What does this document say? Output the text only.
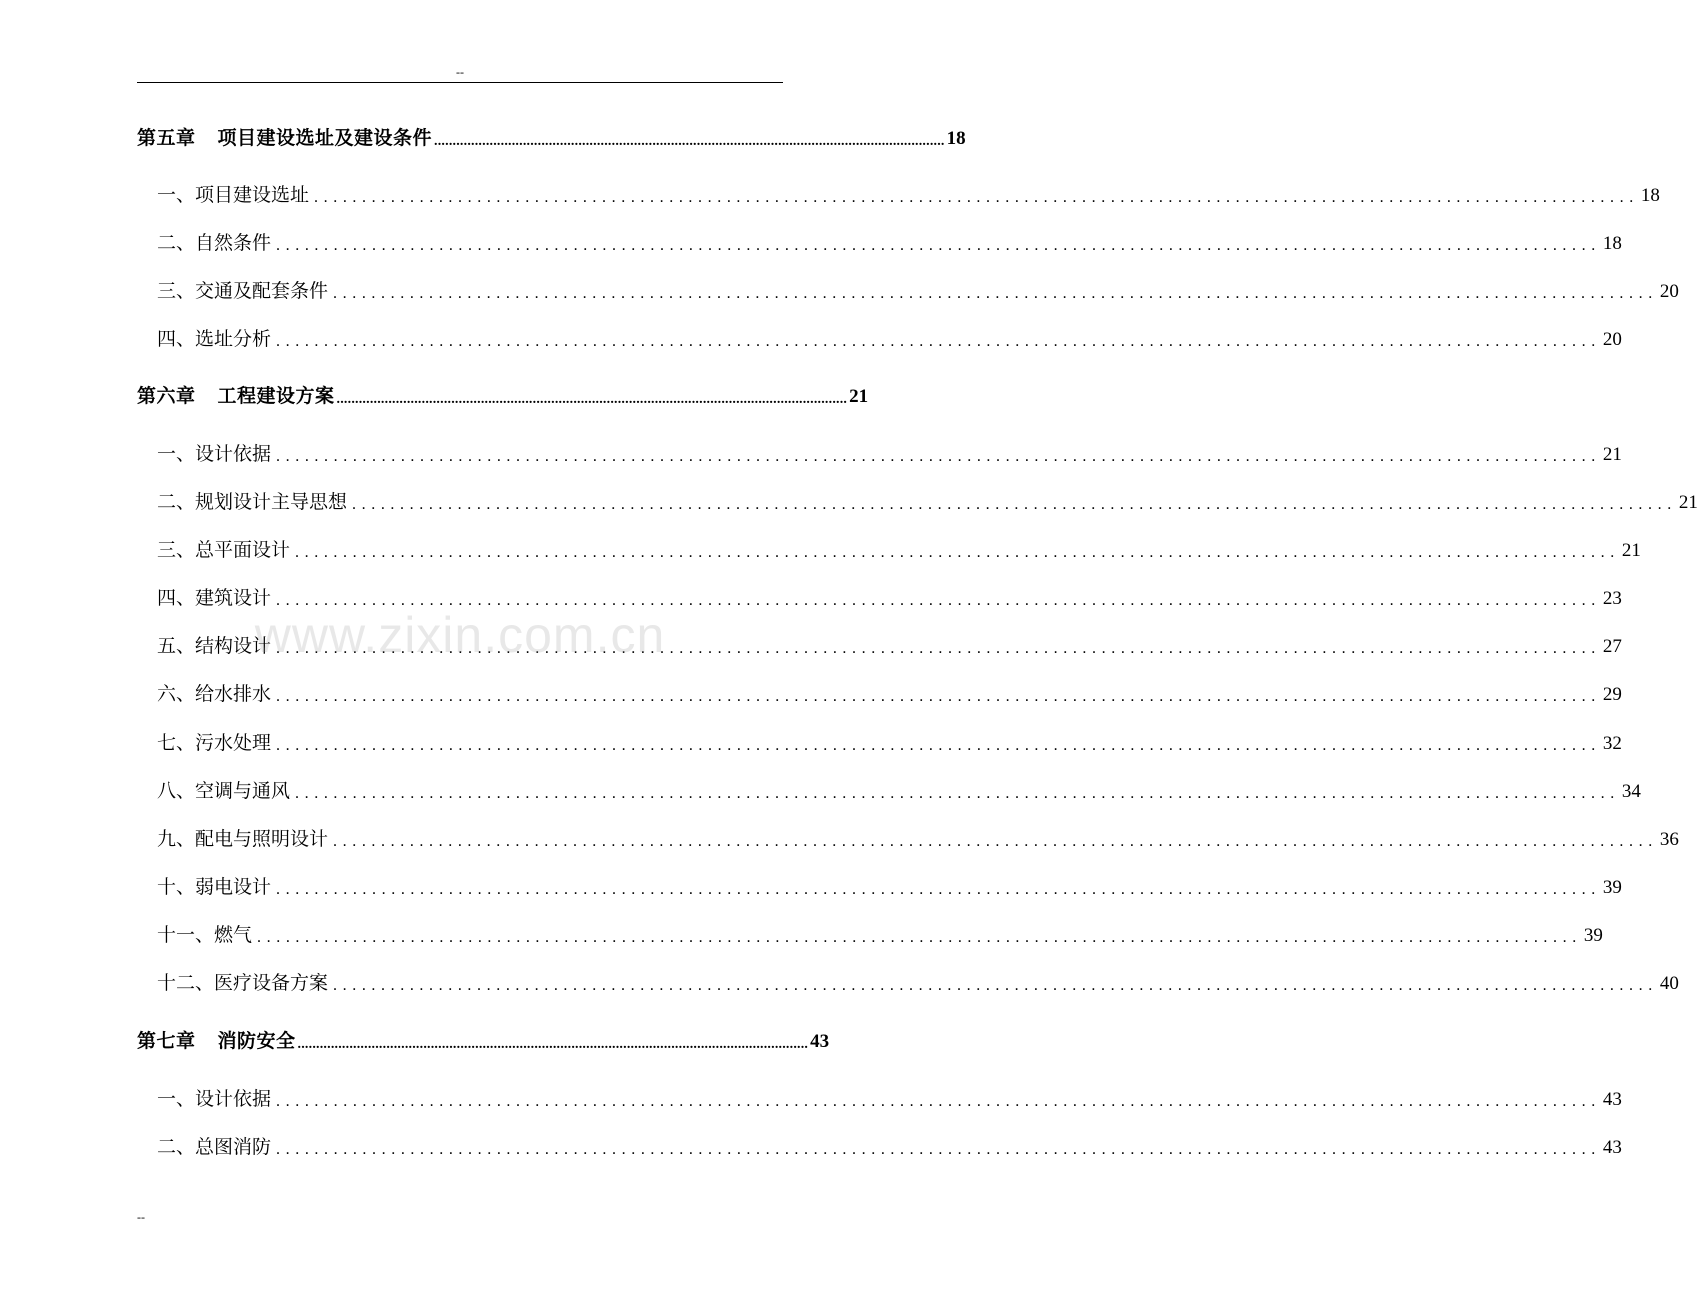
--
第五章 项目建设选址及建设条件 .......................................................................................................................................... 18
一、项目建设选址 .......................................................................................................................................... 18
二、自然条件 .......................................................................................................................................... 18
三、交通及配套条件 .......................................................................................................................................... 20
四、选址分析 .......................................................................................................................................... 20
第六章 工程建设方案 .......................................................................................................................................... 21
一、设计依据 .......................................................................................................................................... 21
二、规划设计主导思想 .......................................................................................................................................... 21
三、总平面设计 .......................................................................................................................................... 21
四、建筑设计 .......................................................................................................................................... 23
五、结构设计 .......................................................................................................................................... 27
六、给水排水 .......................................................................................................................................... 29
七、污水处理 .......................................................................................................................................... 32
八、空调与通风 .......................................................................................................................................... 34
九、配电与照明设计 .......................................................................................................................................... 36
十、弱电设计 .......................................................................................................................................... 39
十一、燃气 .......................................................................................................................................... 39
十二、医疗设备方案 .......................................................................................................................................... 40
第七章 消防安全 .......................................................................................................................................... 43
一、设计依据 .......................................................................................................................................... 43
二、总图消防 .......................................................................................................................................... 43
www.zixin.com.cn
--
